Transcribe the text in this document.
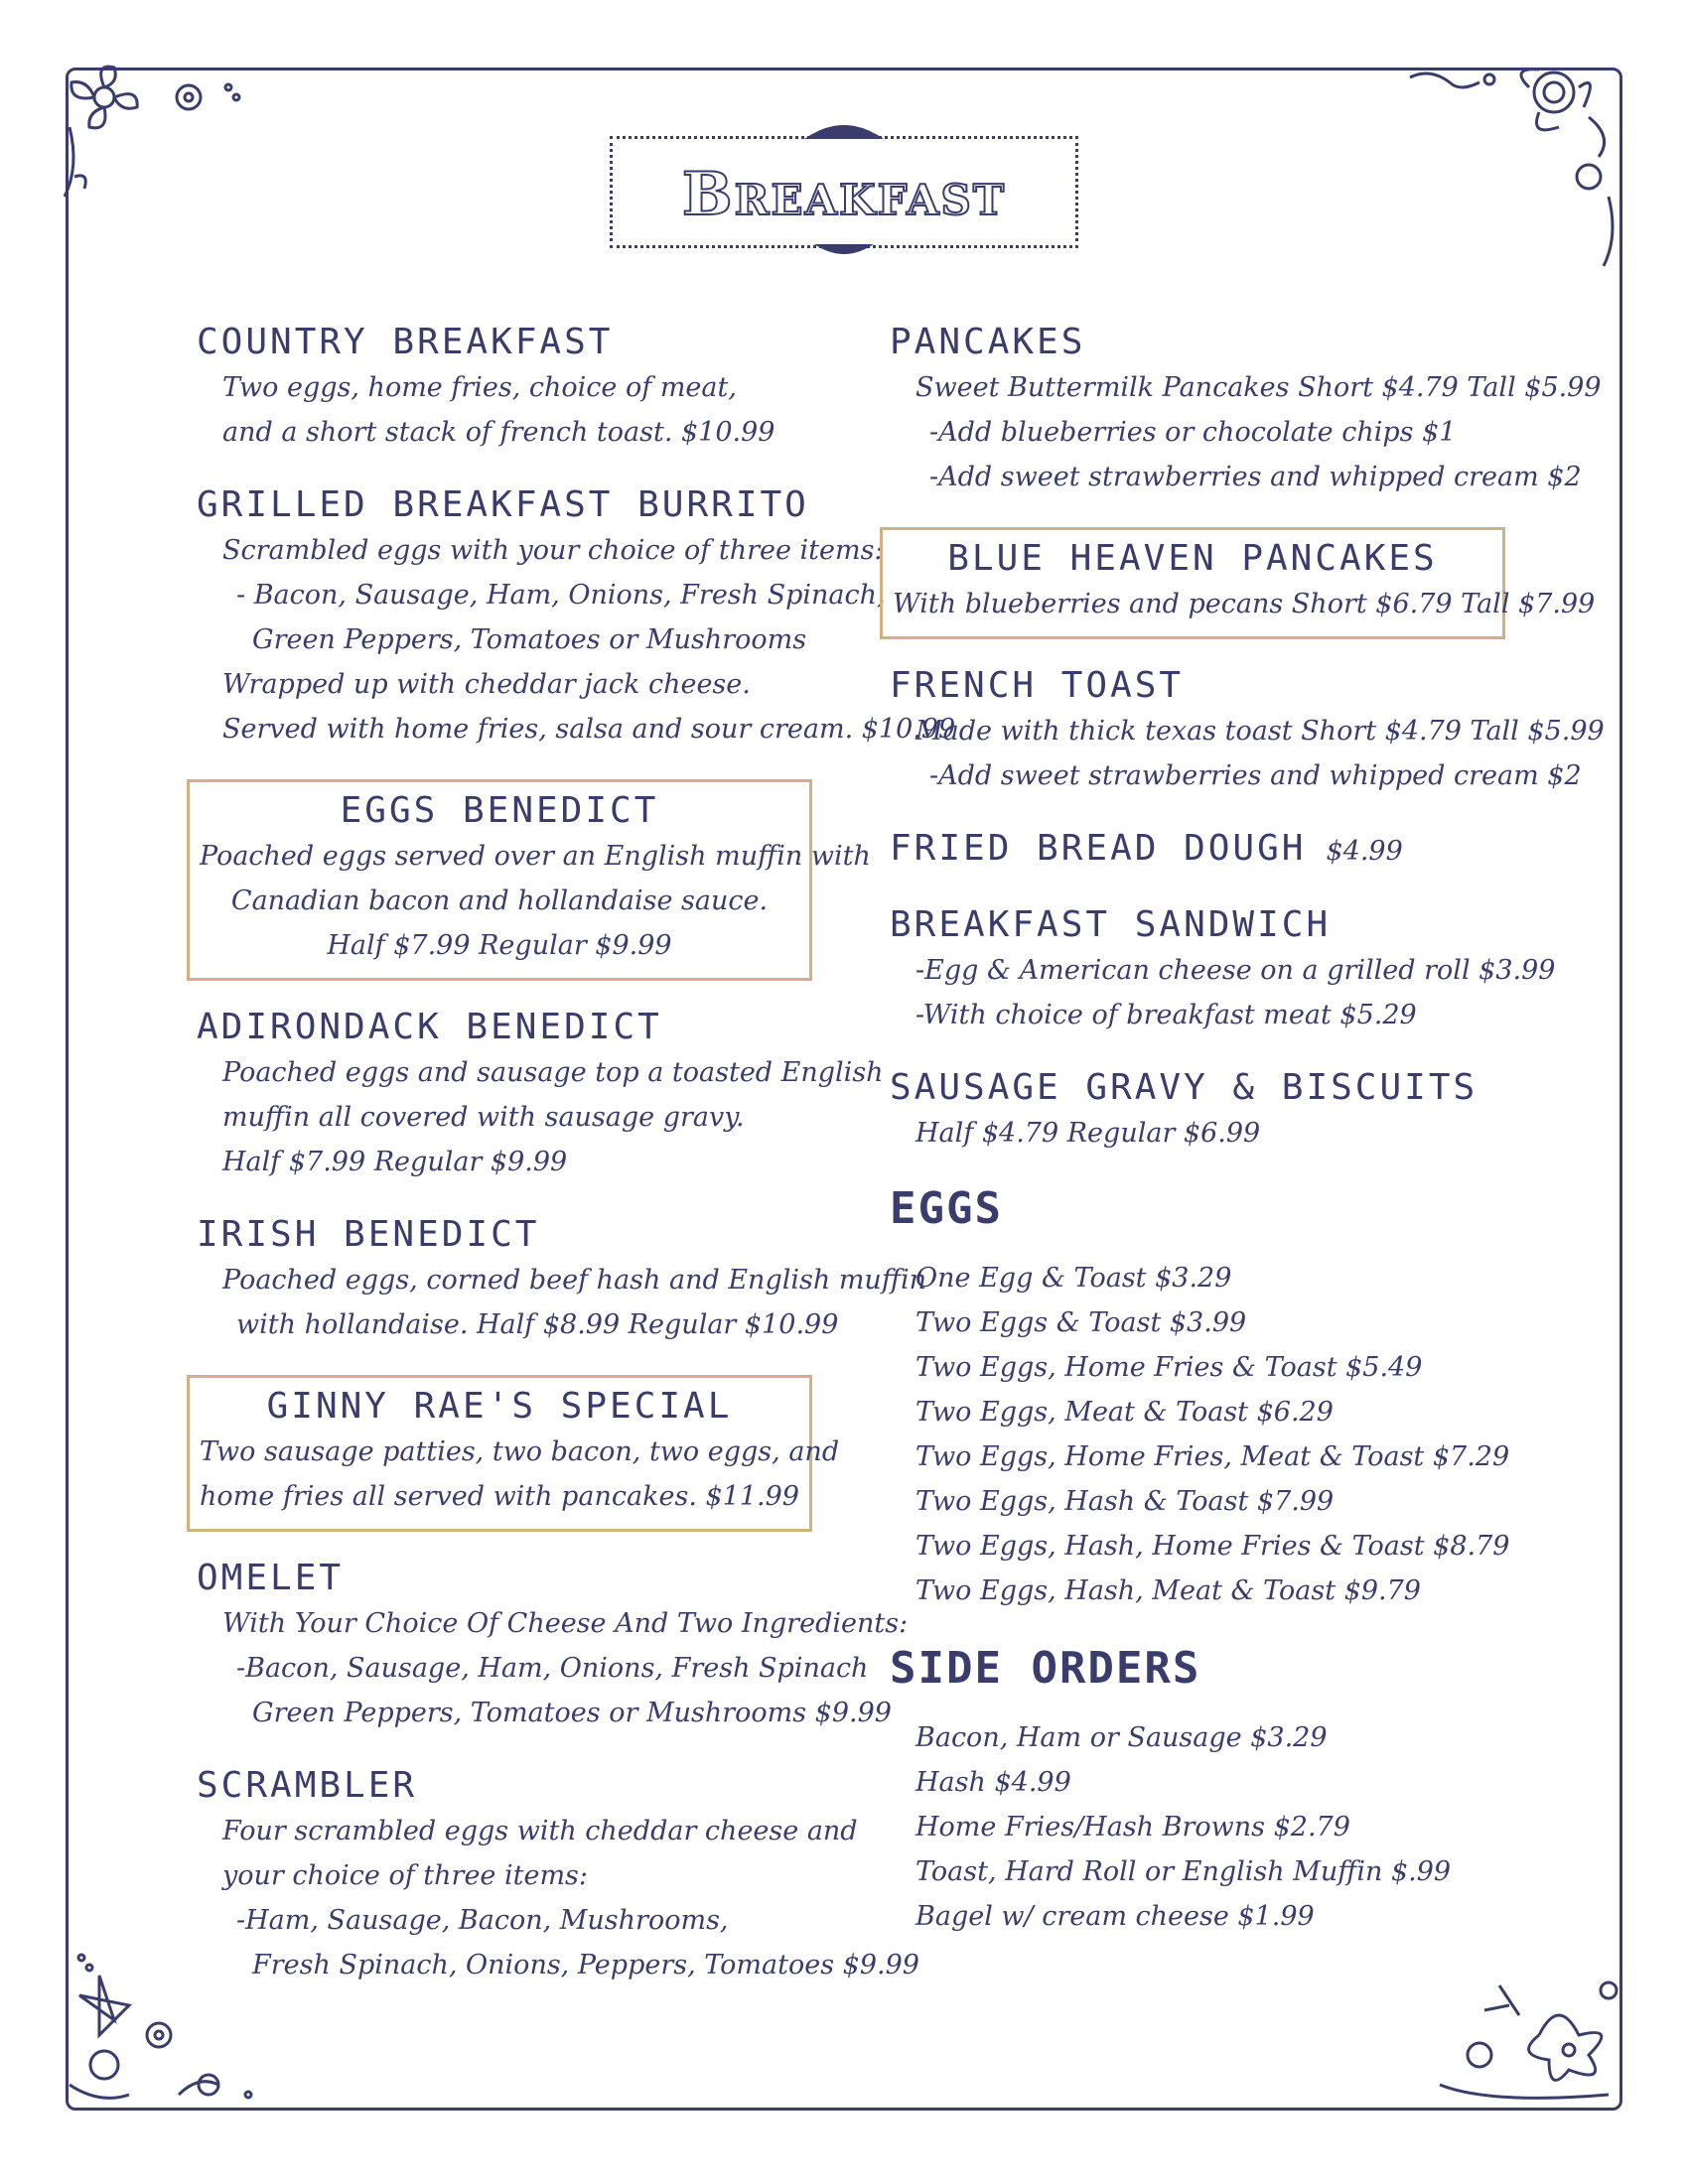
Breakfast
COUNTRY BREAKFAST
Two eggs, home fries, choice of meat,
and a short stack of french toast. $10.99
GRILLED BREAKFAST BURRITO
Scrambled eggs with your choice of three items:
- Bacon, Sausage, Ham, Onions, Fresh Spinach,
Green Peppers, Tomatoes or Mushrooms
Wrapped up with cheddar jack cheese.
Served with home fries, salsa and sour cream. $10.99
EGGS BENEDICT
Poached eggs served over an English muffin with
Canadian bacon and hollandaise sauce.
Half $7.99 Regular $9.99
ADIRONDACK BENEDICT
Poached eggs and sausage top a toasted English
muffin all covered with sausage gravy.
Half $7.99 Regular $9.99
IRISH BENEDICT
Poached eggs, corned beef hash and English muffin
with hollandaise. Half $8.99 Regular $10.99
GINNY RAE'S SPECIAL
Two sausage patties, two bacon, two eggs, and
home fries all served with pancakes. $11.99
OMELET
With Your Choice Of Cheese And Two Ingredients:
-Bacon, Sausage, Ham, Onions, Fresh Spinach
Green Peppers, Tomatoes or Mushrooms $9.99
SCRAMBLER
Four scrambled eggs with cheddar cheese and
your choice of three items:
-Ham, Sausage, Bacon, Mushrooms,
Fresh Spinach, Onions, Peppers, Tomatoes $9.99
PANCAKES
Sweet Buttermilk Pancakes Short $4.79 Tall $5.99
-Add blueberries or chocolate chips $1
-Add sweet strawberries and whipped cream $2
BLUE HEAVEN PANCAKES
With blueberries and pecans Short $6.79 Tall $7.99
FRENCH TOAST
Made with thick texas toast Short $4.79 Tall $5.99
-Add sweet strawberries and whipped cream $2
FRIED BREAD DOUGH $4.99
BREAKFAST SANDWICH
-Egg & American cheese on a grilled roll $3.99
-With choice of breakfast meat $5.29
SAUSAGE GRAVY & BISCUITS
Half $4.79 Regular $6.99
EGGS
One Egg & Toast $3.29
Two Eggs & Toast $3.99
Two Eggs, Home Fries & Toast $5.49
Two Eggs, Meat & Toast $6.29
Two Eggs, Home Fries, Meat & Toast $7.29
Two Eggs, Hash & Toast $7.99
Two Eggs, Hash, Home Fries & Toast $8.79
Two Eggs, Hash, Meat & Toast $9.79
SIDE ORDERS
Bacon, Ham or Sausage $3.29
Hash $4.99
Home Fries/Hash Browns $2.79
Toast, Hard Roll or English Muffin $.99
Bagel w/ cream cheese $1.99
